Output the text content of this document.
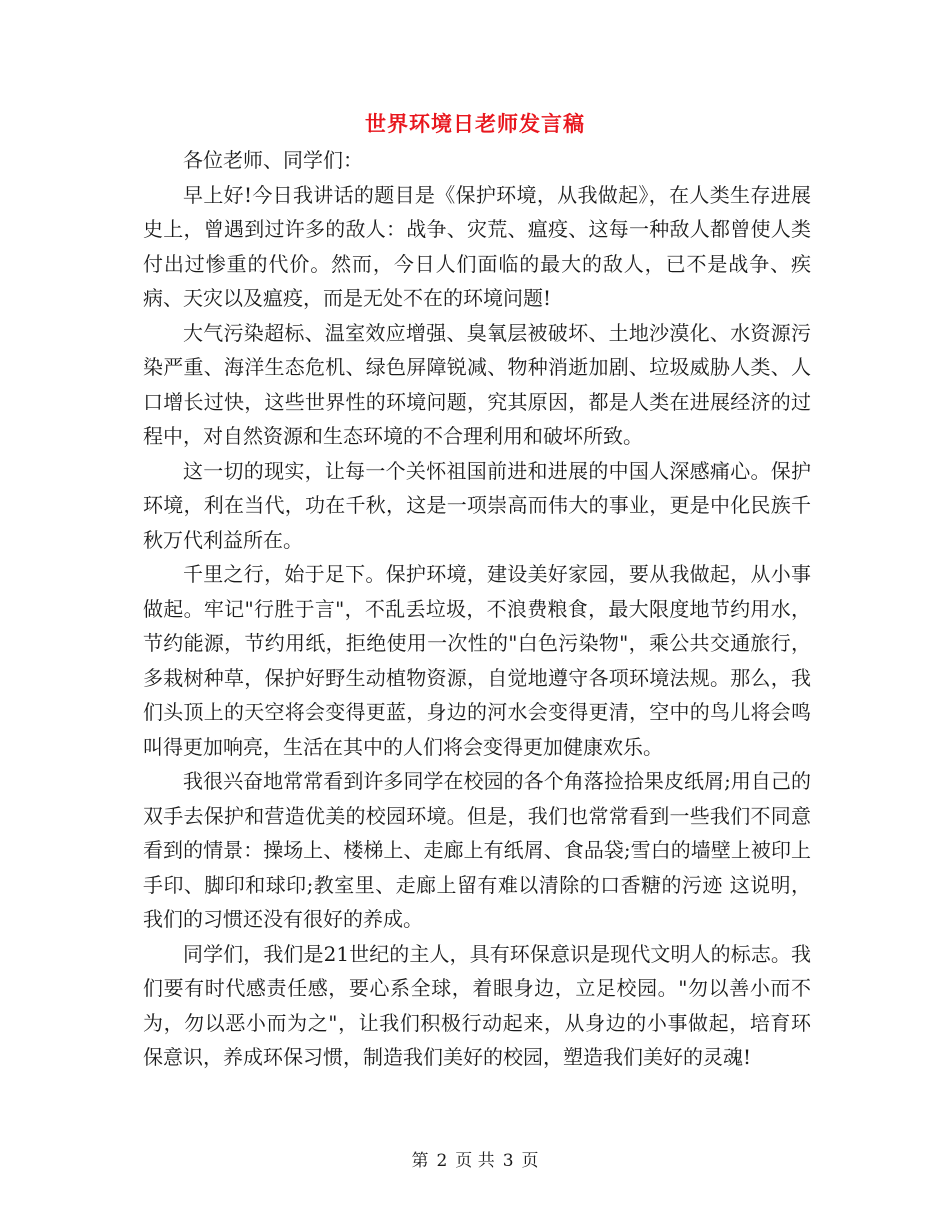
世界环境日老师发言稿

各位老师、同学们：

早上好!今日我讲话的题目是《保护环境，从我做起》，在人类生存进展史上，曾遇到过许多的敌人：战争、灾荒、瘟疫、这每一种敌人都曾使人类付出过惨重的代价。然而，今日人们面临的最大的敌人，已不是战争、疾病、天灾以及瘟疫，而是无处不在的环境问题!

大气污染超标、温室效应增强、臭氧层被破坏、土地沙漠化、水资源污染严重、海洋生态危机、绿色屏障锐减、物种消逝加剧、垃圾威胁人类、人口增长过快，这些世界性的环境问题，究其原因，都是人类在进展经济的过程中，对自然资源和生态环境的不合理利用和破坏所致。

这一切的现实，让每一个关怀祖国前进和进展的中国人深感痛心。保护环境，利在当代，功在千秋，这是一项崇高而伟大的事业，更是中化民族千秋万代利益所在。

千里之行，始于足下。保护环境，建设美好家园，要从我做起，从小事做起。牢记"行胜于言"，不乱丢垃圾，不浪费粮食，最大限度地节约用水，节约能源，节约用纸，拒绝使用一次性的"白色污染物"，乘公共交通旅行，多栽树种草，保护好野生动植物资源，自觉地遵守各项环境法规。那么，我们头顶上的天空将会变得更蓝，身边的河水会变得更清，空中的鸟儿将会鸣叫得更加响亮，生活在其中的人们将会变得更加健康欢乐。

我很兴奋地常常看到许多同学在校园的各个角落捡拾果皮纸屑;用自己的双手去保护和营造优美的校园环境。但是，我们也常常看到一些我们不同意看到的情景：操场上、楼梯上、走廊上有纸屑、食品袋;雪白的墙壁上被印上手印、脚印和球印;教室里、走廊上留有难以清除的口香糖的污迹 这说明，我们的习惯还没有很好的养成。

同学们，我们是21世纪的主人，具有环保意识是现代文明人的标志。我们要有时代感责任感，要心系全球，着眼身边，立足校园。"勿以善小而不为，勿以恶小而为之"，让我们积极行动起来，从身边的小事做起，培育环保意识，养成环保习惯，制造我们美好的校园，塑造我们美好的灵魂!

第 2 页 共 3 页
